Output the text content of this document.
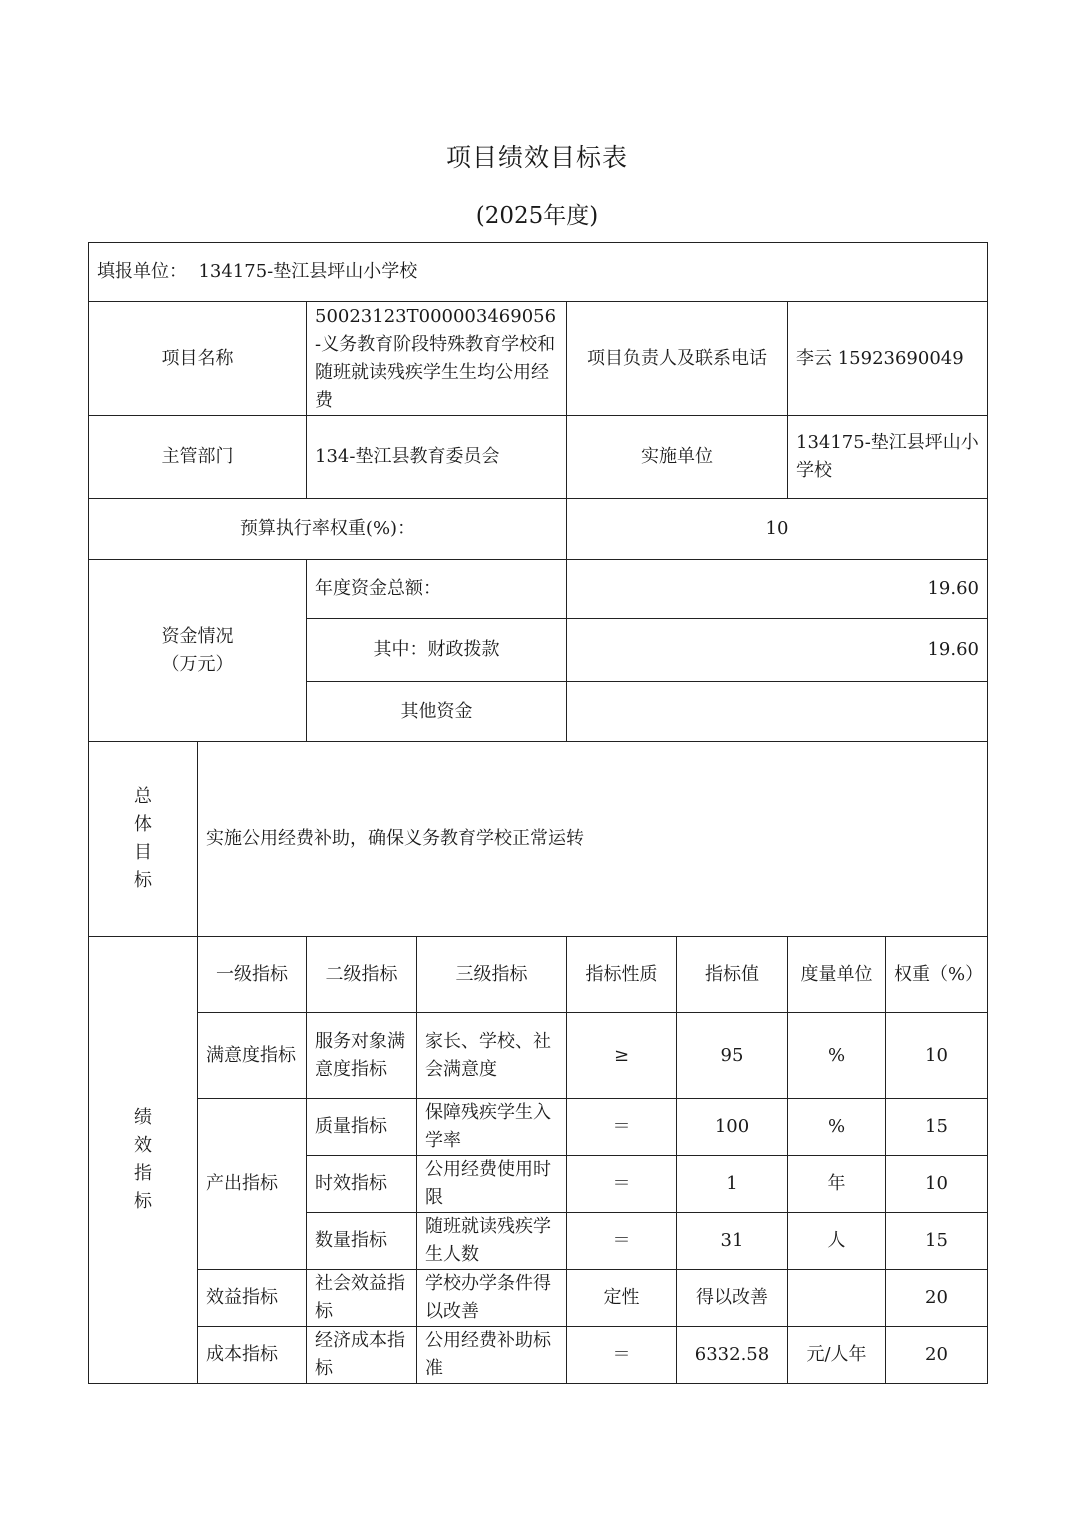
项目绩效目标表
(2025年度)
填报单位： 134175-垫江县坪山小学校							
项目名称		50023123T000003469056-义务教育阶段特殊教育学校和随班就读残疾学生生均公用经费		项目负责人及联系电话		李云 15923690049	
主管部门		134-垫江县教育委员会		实施单位		134175-垫江县坪山小学校	
预算执行率权重(%)：				10			

资金情况
（万元）		年度资金总额：		19.60			
		其中：财政拨款		19.60			
		其他资金					

总
体
目
标	实施公用经费补助，确保义务教育学校正常运转						

绩
效
指
标	一级指标	二级指标	三级指标	指标性质	指标值	度量单位	权重（%）
	满意度指标	服务对象满意度指标	家长、学校、社会满意度	≥	95	%	10
	产出指标	质量指标	保障残疾学生入学率	＝	100	%	15
		时效指标	公用经费使用时限	＝	1	年	10
		数量指标	随班就读残疾学生人数	＝	31	人	15
	效益指标	社会效益指标	学校办学条件得以改善	定性	得以改善		20
	成本指标	经济成本指标	公用经费补助标准	＝	6332.58	元/人年	20
